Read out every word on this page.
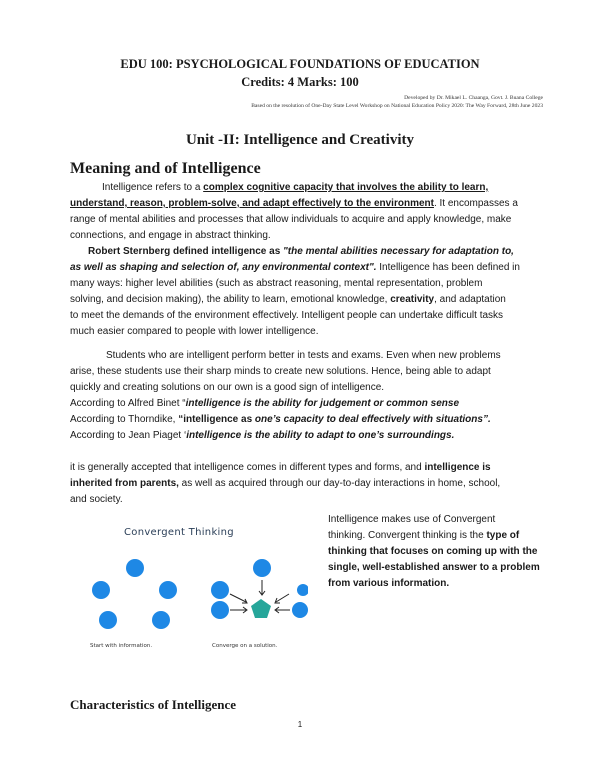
EDU 100: PSYCHOLOGICAL FOUNDATIONS OF EDUCATION
Credits: 4 Marks: 100
Developed by Dr. Mikael L. Chaanga, Govt. J. Buana College
Based on the resolution of One-Day State Level Workshop on National Education Policy 2020: The Way Forward, 28th June 2023
Unit -II: Intelligence and Creativity
Meaning and of Intelligence
Intelligence refers to a complex cognitive capacity that involves the ability to learn,
understand, reason, problem-solve, and adapt effectively to the environment. It encompasses a
range of mental abilities and processes that allow individuals to acquire and apply knowledge, make
connections, and engage in abstract thinking.
Robert Sternberg defined intelligence as "the mental abilities necessary for adaptation to,
as well as shaping and selection of, any environmental context". Intelligence has been defined in
many ways: higher level abilities (such as abstract reasoning, mental representation, problem
solving, and decision making), the ability to learn, emotional knowledge, creativity, and adaptation
to meet the demands of the environment effectively. Intelligent people can undertake difficult tasks
much easier compared to people with lower intelligence.
Students who are intelligent perform better in tests and exams. Even when new problems
arise, these students use their sharp minds to create new solutions. Hence, being able to adapt
quickly and creating solutions on our own is a good sign of intelligence.
According to Alfred Binet “intelligence is the ability for judgement or common sense
According to Thorndike, “intelligence as one’s capacity to deal effectively with situations”.
According to Jean Piaget ‘intelligence is the ability to adapt to one’s surroundings.
it is generally accepted that intelligence comes in different types and forms, and intelligence is
inherited from parents, as well as acquired through our day-to-day interactions in home, school,
and society.
Convergent Thinking
Start with information.	Converge on a solution.
Intelligence makes use of Convergent
thinking. Convergent thinking is the type of
thinking that focuses on coming up with the
single, well-established answer to a problem
from various information.
Characteristics of Intelligence
1
